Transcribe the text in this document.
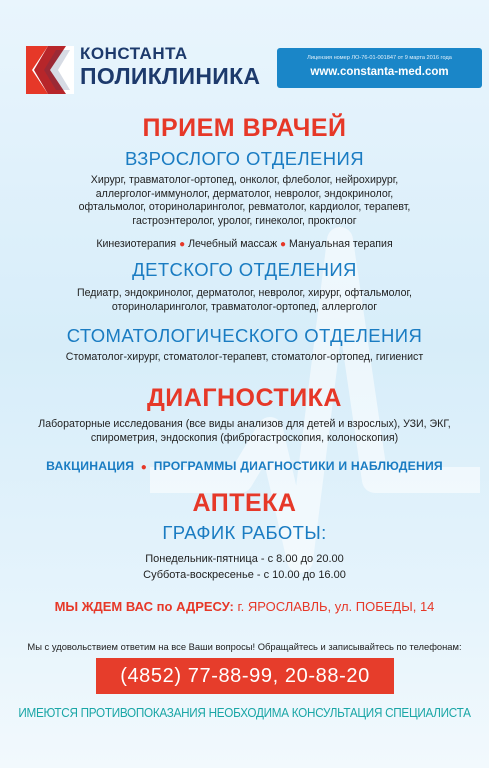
КОНСТАНТА
ПОЛИКЛИНИКА
Лицензия номер ЛО-76-01-001847 от 9 марта 2016 года
www.constanta-med.com
ПРИЕМ ВРАЧЕЙ
ВЗРОСЛОГО ОТДЕЛЕНИЯ
Хирург, травматолог-ортопед, онколог, флеболог, нейрохирург,
аллерголог-иммунолог, дерматолог, невролог, эндокринолог,
офтальмолог, оториноларинголог, ревматолог, кардиолог, терапевт,
гастроэнтеролог, уролог, гинеколог, проктолог
Кинезиотерапия ● Лечебный массаж ● Мануальная терапия
ДЕТСКОГО ОТДЕЛЕНИЯ
Педиатр, эндокринолог, дерматолог, невролог, хирург, офтальмолог,
оториноларинголог, травматолог-ортопед, аллерголог
СТОМАТОЛОГИЧЕСКОГО ОТДЕЛЕНИЯ
Стоматолог-хирург, стоматолог-терапевт, стоматолог-ортопед, гигиенист
ДИАГНОСТИКА
Лабораторные исследования (все виды анализов для детей и взрослых), УЗИ, ЭКГ,
спирометрия, эндоскопия (фиброгастроскопия, колоноскопия)
ВАКЦИНАЦИЯ  ●  ПРОГРАММЫ ДИАГНОСТИКИ И НАБЛЮДЕНИЯ
АПТЕКА
ГРАФИК РАБОТЫ:
Понедельник-пятница - с 8.00 до 20.00
Суббота-воскресенье - с 10.00 до 16.00
МЫ ЖДЕМ ВАС по АДРЕСУ: г. ЯРОСЛАВЛЬ, ул. ПОБЕДЫ, 14
Мы с удовольствием ответим на все Ваши вопросы! Обращайтесь и записывайтесь по телефонам:
(4852) 77-88-99, 20-88-20
ИМЕЮТСЯ ПРОТИВОПОКАЗАНИЯ НЕОБХОДИМА КОНСУЛЬТАЦИЯ СПЕЦИАЛИСТА
